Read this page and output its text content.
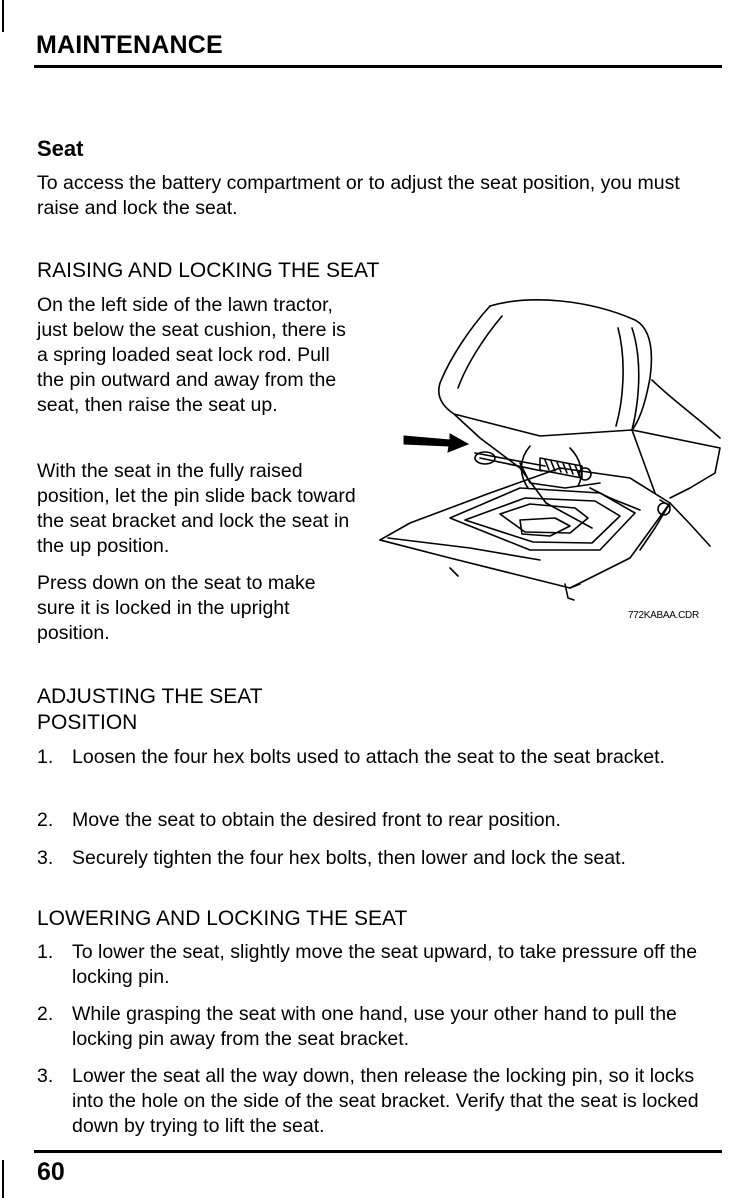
MAINTENANCE
Seat
To access the battery compartment or to adjust the seat position, you must raise and lock the seat.
RAISING AND LOCKING THE SEAT
On the left side of the lawn tractor, just below the seat cushion, there is a spring loaded seat lock rod. Pull the pin outward and away from the seat, then raise the seat up.
With the seat in the fully raised position, let the pin slide back toward the seat bracket and lock the seat in the up position.
Press down on the seat to make sure it is locked in the upright position.
772KABAA.CDR
ADJUSTING THE SEAT
POSITION
1. Loosen the four hex bolts used to attach the seat to the seat bracket.
2. Move the seat to obtain the desired front to rear position.
3. Securely tighten the four hex bolts, then lower and lock the seat.
LOWERING AND LOCKING THE SEAT
1. To lower the seat, slightly move the seat upward, to take pressure off the locking pin.
2. While grasping the seat with one hand, use your other hand to pull the locking pin away from the seat bracket.
3. Lower the seat all the way down, then release the locking pin, so it locks into the hole on the side of the seat bracket. Verify that the seat is locked down by trying to lift the seat.
60
